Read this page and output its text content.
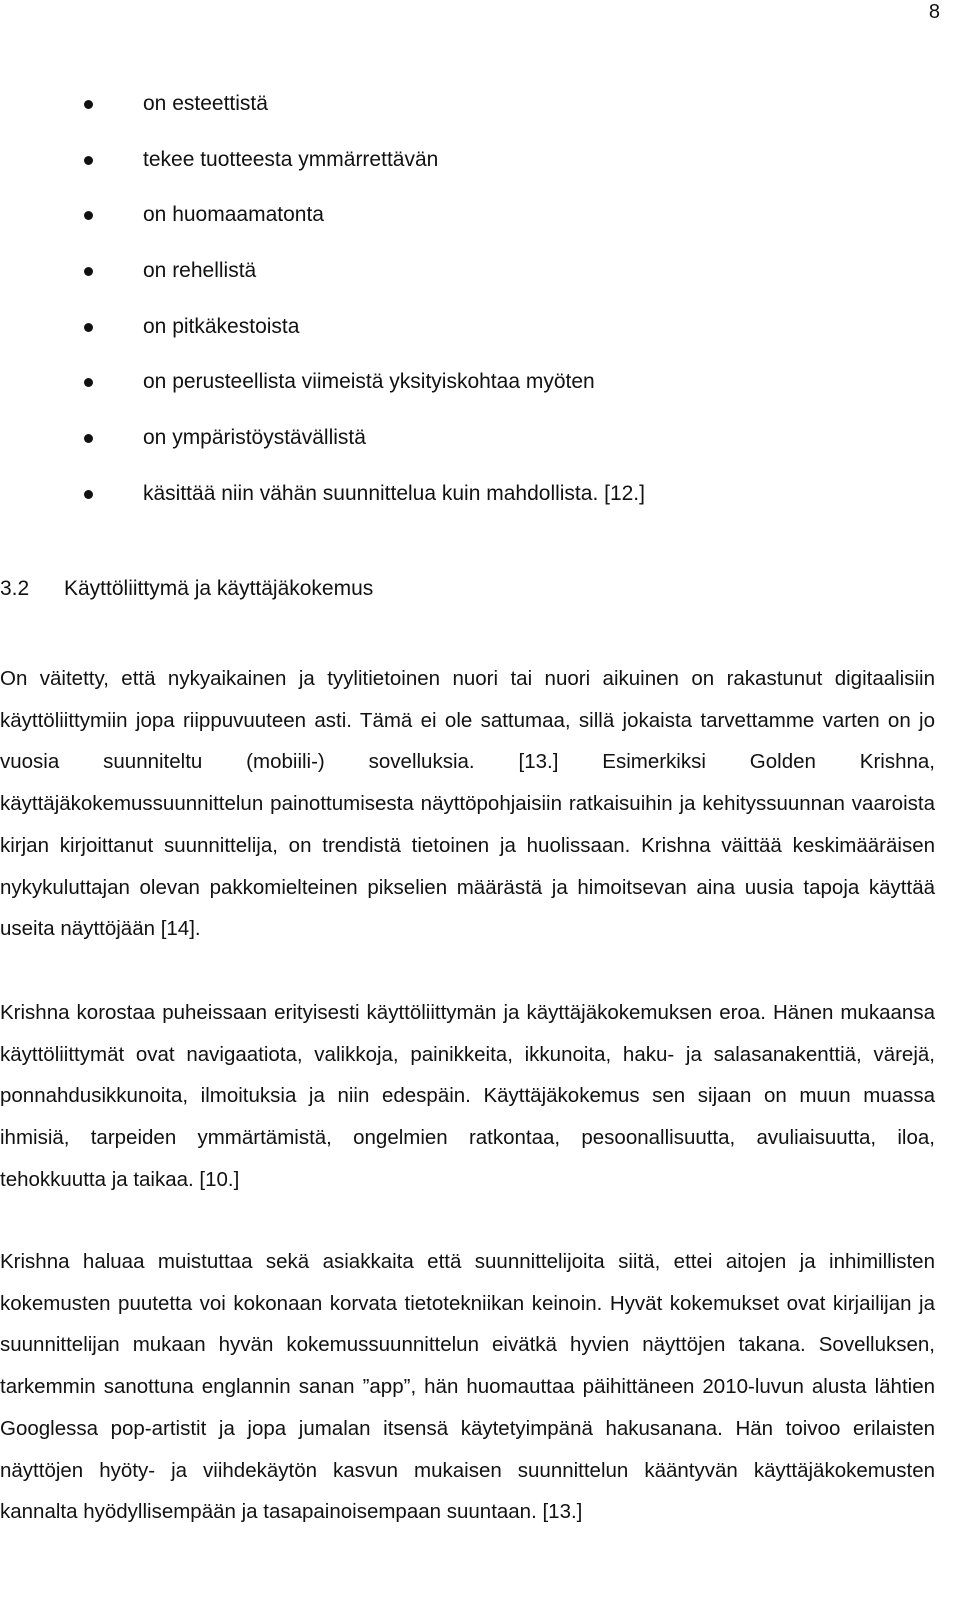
8
on esteettistä
tekee tuotteesta ymmärrettävän
on huomaamatonta
on rehellistä
on pitkäkestoista
on perusteellista viimeistä yksityiskohtaa myöten
on ympäristöystävällistä
käsittää niin vähän suunnittelua kuin mahdollista. [12.]
3.2 Käyttöliittymä ja käyttäjäkokemus

On väitetty, että nykyaikainen ja tyylitietoinen nuori tai nuori aikuinen on rakastunut digitaalisiin käyttöliittymiin jopa riippuvuuteen asti. Tämä ei ole sattumaa, sillä jokaista tarvettamme varten on jo vuosia suunniteltu (mobiili-) sovelluksia. [13.] Esimerkiksi Golden Krishna, käyttäjäkokemussuunnittelun painottumisesta näyttöpohjaisiin ratkaisuihin ja kehityssuunnan vaaroista kirjan kirjoittanut suunnittelija, on trendistä tietoinen ja huolissaan. Krishna väittää keskimääräisen nykykuluttajan olevan pakkomielteinen pikselien määrästä ja himoitsevan aina uusia tapoja käyttää useita näyttöjään [14].

Krishna korostaa puheissaan erityisesti käyttöliittymän ja käyttäjäkokemuksen eroa. Hänen mukaansa käyttöliittymät ovat navigaatiota, valikkoja, painikkeita, ikkunoita, haku- ja salasanakenttiä, värejä, ponnahdusikkunoita, ilmoituksia ja niin edespäin. Käyttäjäkokemus sen sijaan on muun muassa ihmisiä, tarpeiden ymmärtämistä, ongelmien ratkontaa, pesoonallisuutta, avuliaisuutta, iloa, tehokkuutta ja taikaa. [10.]

Krishna haluaa muistuttaa sekä asiakkaita että suunnittelijoita siitä, ettei aitojen ja inhimillisten kokemusten puutetta voi kokonaan korvata tietotekniikan keinoin. Hyvät kokemukset ovat kirjailijan ja suunnittelijan mukaan hyvän kokemussuunnittelun eivätkä hyvien näyttöjen takana. Sovelluksen, tarkemmin sanottuna englannin sanan ”app”, hän huomauttaa päihittäneen 2010-luvun alusta lähtien Googlessa pop-artistit ja jopa jumalan itsensä käytetyimpänä hakusanana. Hän toivoo erilaisten näyttöjen hyöty- ja viihdekäytön kasvun mukaisen suunnittelun kääntyvän käyttäjäkokemusten kannalta hyödyllisempään ja tasapainoisempaan suuntaan. [13.]
